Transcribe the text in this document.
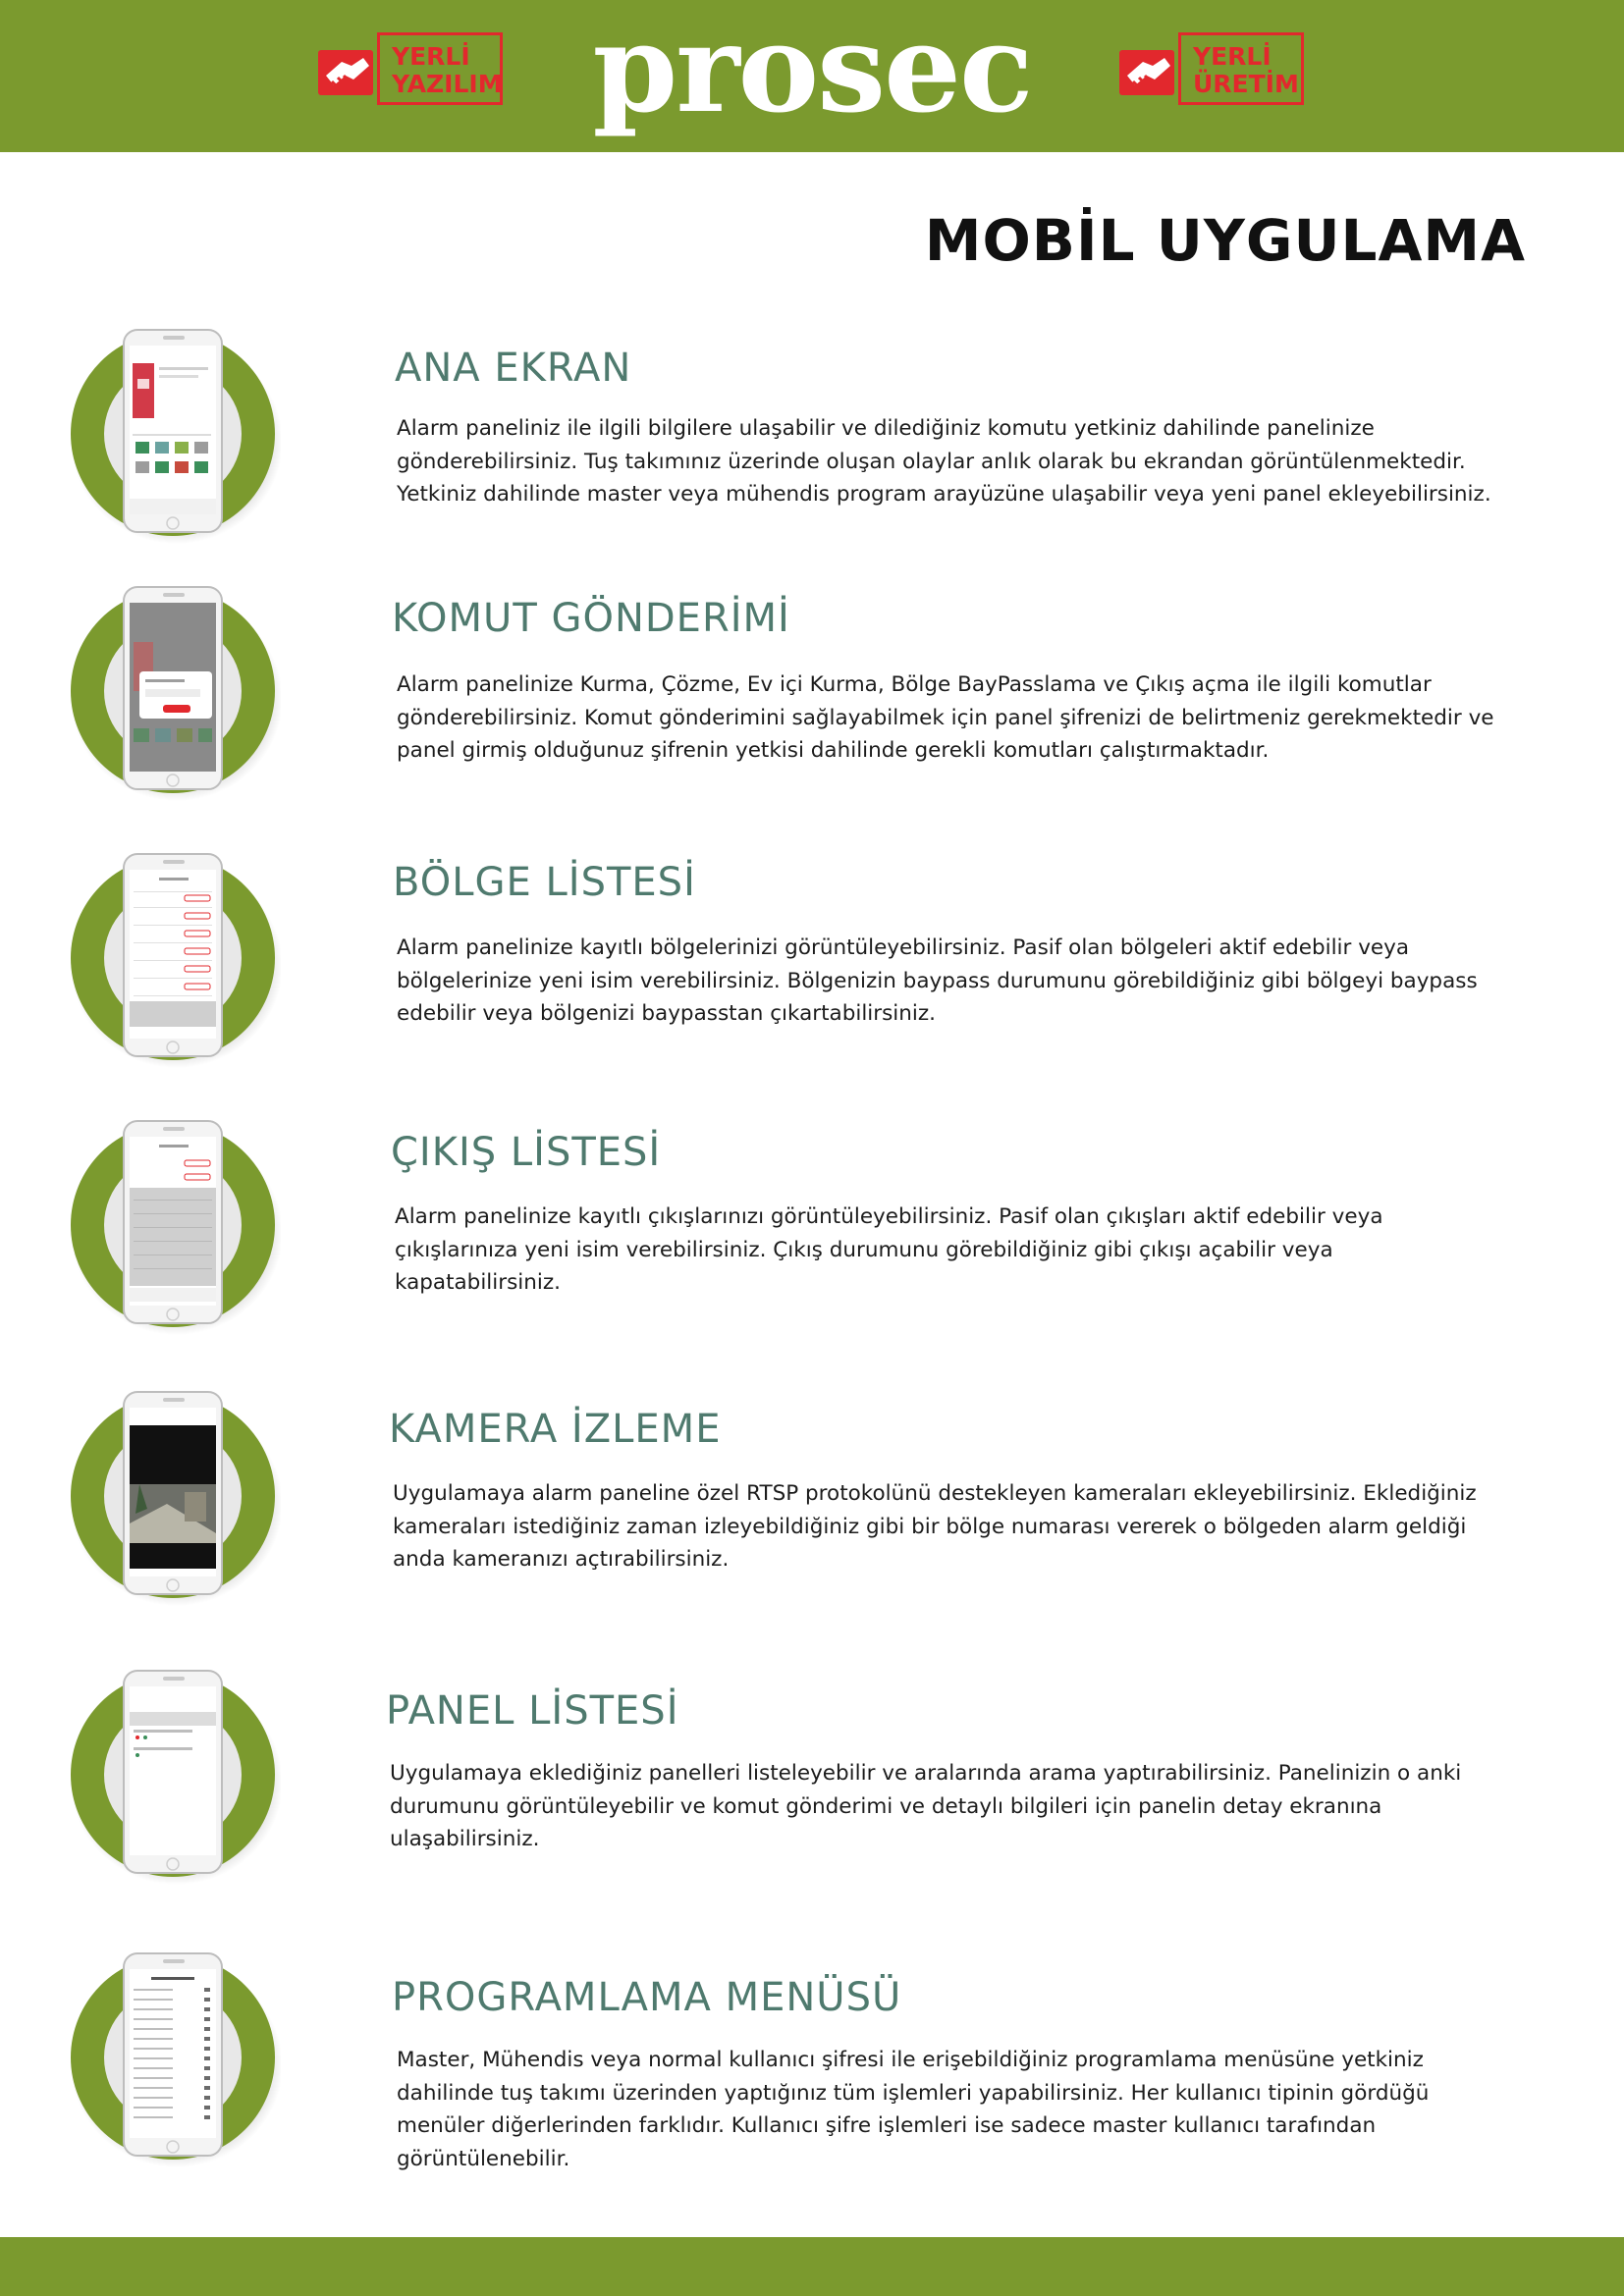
YERLİ
YAZILIM prosec	YERLİ
ÜRETİM
MOBİL UYGULAMA
ANA EKRAN

Alarm paneliniz ile ilgili bilgilere ulaşabilir ve dilediğiniz komutu yetkiniz dahilinde panelinize gönderebilirsiniz. Tuş takımınız üzerinde oluşan olaylar anlık olarak bu ekrandan görüntülenmektedir. Yetkiniz dahilinde master veya mühendis program arayüzüne ulaşabilir veya yeni panel ekleyebilirsiniz.

KOMUT GÖNDERİMİ

Alarm panelinize Kurma, Çözme, Ev içi Kurma, Bölge BayPasslama ve Çıkış açma ile ilgili komutlar gönderebilirsiniz. Komut gönderimini sağlayabilmek için panel şifrenizi de belirtmeniz gerekmektedir ve panel girmiş olduğunuz şifrenin yetkisi dahilinde gerekli komutları çalıştırmaktadır.

BÖLGE LİSTESİ

Alarm panelinize kayıtlı bölgelerinizi görüntüleyebilirsiniz. Pasif olan bölgeleri aktif edebilir veya bölgelerinize yeni isim verebilirsiniz. Bölgenizin baypass durumunu görebildiğiniz gibi bölgeyi baypass edebilir veya bölgenizi baypasstan çıkartabilirsiniz.

ÇIKIŞ LİSTESİ

Alarm panelinize kayıtlı çıkışlarınızı görüntüleyebilirsiniz. Pasif olan çıkışları aktif edebilir veya çıkışlarınıza yeni isim verebilirsiniz. Çıkış durumunu görebildiğiniz gibi çıkışı açabilir veya kapatabilirsiniz.

KAMERA İZLEME

Uygulamaya alarm paneline özel RTSP protokolünü destekleyen kameraları ekleyebilirsiniz. Eklediğiniz kameraları istediğiniz zaman izleyebildiğiniz gibi bir bölge numarası vererek o bölgeden alarm geldiği anda kameranızı açtırabilirsiniz.

PANEL LİSTESİ

Uygulamaya eklediğiniz panelleri listeleyebilir ve aralarında arama yaptırabilirsiniz. Panelinizin o anki durumunu görüntüleyebilir ve komut gönderimi ve detaylı bilgileri için panelin detay ekranına ulaşabilirsiniz.

PROGRAMLAMA MENÜSÜ

Master, Mühendis veya normal kullanıcı şifresi ile erişebildiğiniz programlama menüsüne yetkiniz dahilinde tuş takımı üzerinden yaptığınız tüm işlemleri yapabilirsiniz. Her kullanıcı tipinin gördüğü menüler diğerlerinden farklıdır. Kullanıcı şifre işlemleri ise sadece master kullanıcı tarafından görüntülenebilir.
